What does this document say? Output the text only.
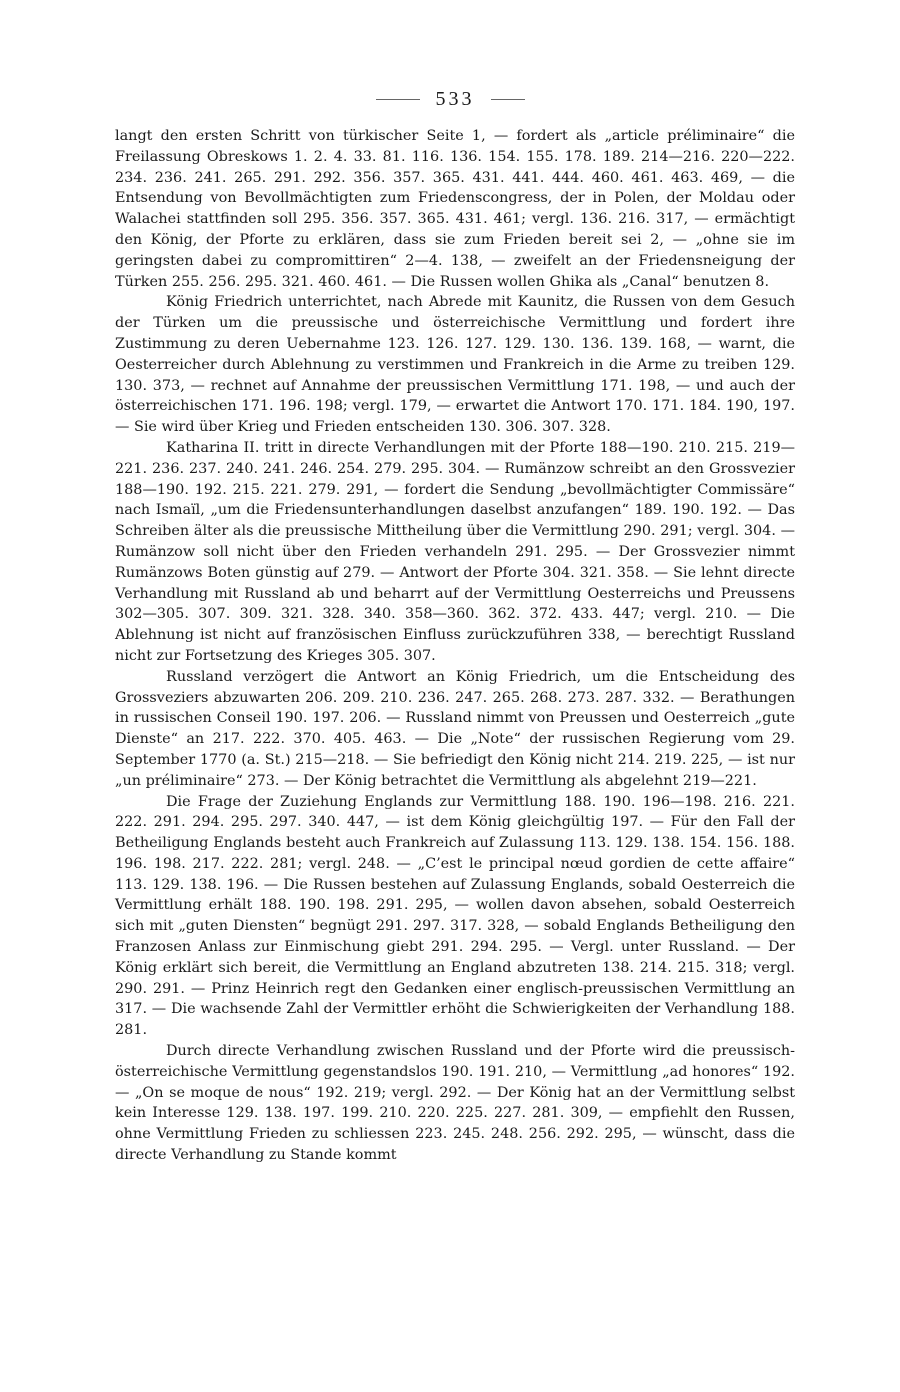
533

langt den ersten Schritt von türkischer Seite 1, — fordert als „article préliminaire“ die Freilassung Obreskows 1. 2. 4. 33. 81. 116. 136. 154. 155. 178. 189. 214—216. 220—222. 234. 236. 241. 265. 291. 292. 356. 357. 365. 431. 441. 444. 460. 461. 463. 469, — die Entsendung von Bevollmächtigten zum Friedenscongress, der in Polen, der Moldau oder Walachei stattfinden soll 295. 356. 357. 365. 431. 461; vergl. 136. 216. 317, — ermächtigt den König, der Pforte zu erklären, dass sie zum Frieden bereit sei 2, — „ohne sie im geringsten dabei zu compromittiren“ 2—4. 138, — zweifelt an der Friedensneigung der Türken 255. 256. 295. 321. 460. 461. — Die Russen wollen Ghika als „Canal“ benutzen 8.

König Friedrich unterrichtet, nach Abrede mit Kaunitz, die Russen von dem Gesuch der Türken um die preussische und österreichische Vermittlung und fordert ihre Zustimmung zu deren Uebernahme 123. 126. 127. 129. 130. 136. 139. 168, — warnt, die Oesterreicher durch Ablehnung zu verstimmen und Frankreich in die Arme zu treiben 129. 130. 373, — rechnet auf Annahme der preussischen Vermittlung 171. 198, — und auch der österreichischen 171. 196. 198; vergl. 179, — erwartet die Antwort 170. 171. 184. 190, 197. — Sie wird über Krieg und Frieden entscheiden 130. 306. 307. 328.

Katharina II. tritt in directe Verhandlungen mit der Pforte 188—190. 210. 215. 219—221. 236. 237. 240. 241. 246. 254. 279. 295. 304. — Rumänzow schreibt an den Grossvezier 188—190. 192. 215. 221. 279. 291, — fordert die Sendung „bevollmächtigter Commissäre“ nach Ismaïl, „um die Friedensunterhandlungen daselbst anzufangen“ 189. 190. 192. — Das Schreiben älter als die preussische Mittheilung über die Vermittlung 290. 291; vergl. 304. — Rumänzow soll nicht über den Frieden verhandeln 291. 295. — Der Grossvezier nimmt Rumänzows Boten günstig auf 279. — Antwort der Pforte 304. 321. 358. — Sie lehnt directe Verhandlung mit Russland ab und beharrt auf der Vermittlung Oesterreichs und Preussens 302—305. 307. 309. 321. 328. 340. 358—360. 362. 372. 433. 447; vergl. 210. — Die Ablehnung ist nicht auf französischen Einfluss zurückzuführen 338, — berechtigt Russland nicht zur Fortsetzung des Krieges 305. 307.

Russland verzögert die Antwort an König Friedrich, um die Entscheidung des Grossveziers abzuwarten 206. 209. 210. 236. 247. 265. 268. 273. 287. 332. — Berathungen in russischen Conseil 190. 197. 206. — Russland nimmt von Preussen und Oesterreich „gute Dienste“ an 217. 222. 370. 405. 463. — Die „Note“ der russischen Regierung vom 29. September 1770 (a. St.) 215—218. — Sie befriedigt den König nicht 214. 219. 225, — ist nur „un préliminaire“ 273. — Der König betrachtet die Vermittlung als abgelehnt 219—221.

Die Frage der Zuziehung Englands zur Vermittlung 188. 190. 196—198. 216. 221. 222. 291. 294. 295. 297. 340. 447, — ist dem König gleichgültig 197. — Für den Fall der Betheiligung Englands besteht auch Frankreich auf Zulassung 113. 129. 138. 154. 156. 188. 196. 198. 217. 222. 281; vergl. 248. — „C’est le principal nœud gordien de cette affaire“ 113. 129. 138. 196. — Die Russen bestehen auf Zulassung Englands, sobald Oesterreich die Vermittlung erhält 188. 190. 198. 291. 295, — wollen davon absehen, sobald Oesterreich sich mit „guten Diensten“ begnügt 291. 297. 317. 328, — sobald Englands Betheiligung den Franzosen Anlass zur Einmischung giebt 291. 294. 295. — Vergl. unter Russland. — Der König erklärt sich bereit, die Vermittlung an England abzutreten 138. 214. 215. 318; vergl. 290. 291. — Prinz Heinrich regt den Gedanken einer englisch-preussischen Vermittlung an 317. — Die wachsende Zahl der Vermittler erhöht die Schwierigkeiten der Verhandlung 188. 281.

Durch directe Verhandlung zwischen Russland und der Pforte wird die preussisch-österreichische Vermittlung gegenstandslos 190. 191. 210, — Vermittlung „ad honores“ 192. — „On se moque de nous“ 192. 219; vergl. 292. — Der König hat an der Vermittlung selbst kein Interesse 129. 138. 197. 199. 210. 220. 225. 227. 281. 309, — empfiehlt den Russen, ohne Vermittlung Frieden zu schliessen 223. 245. 248. 256. 292. 295, — wünscht, dass die directe Verhandlung zu Stande kommt
